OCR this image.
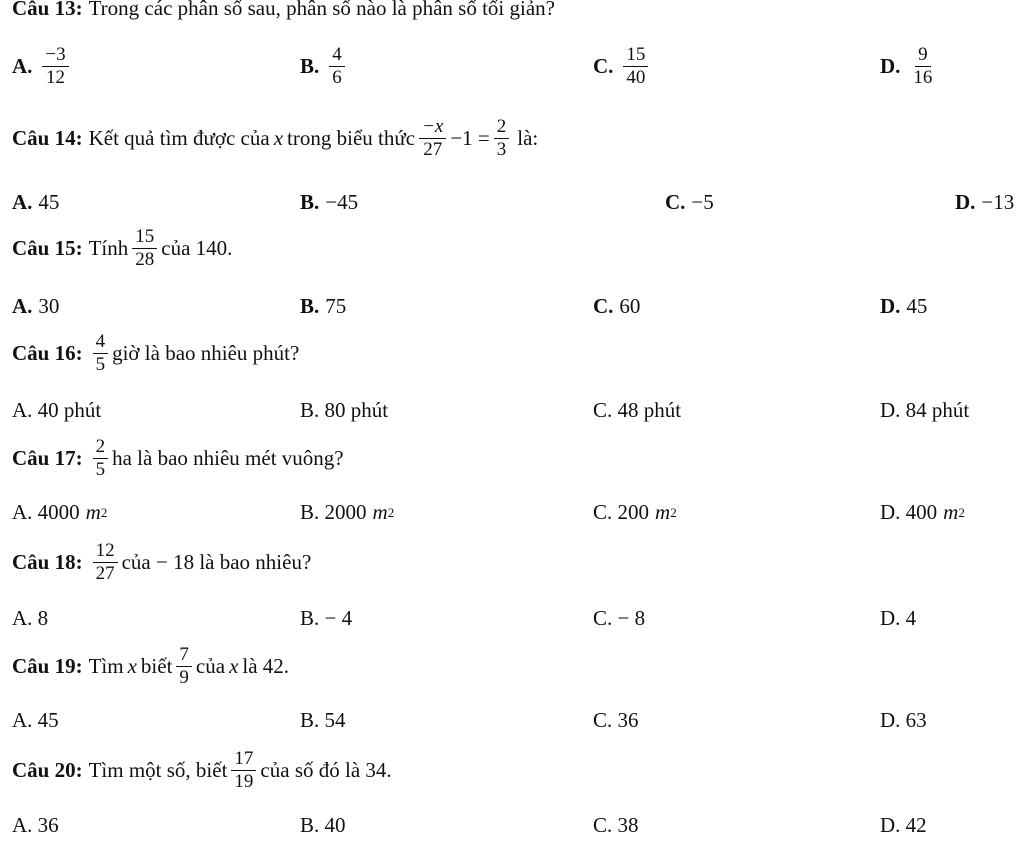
Câu 13: Trong các phân số sau, phân số nào là phân số tối giản?
A. $\frac{-3}{12}$	B. $\frac{4}{6}$	C. $\frac{15}{40}$	D. $\frac{9}{16}$
Câu 14: Kết quả tìm được của x trong biểu thức $\frac{-x}{27} -1 = \frac{2}{3}$ là:
A. 45	B. −45	C. −5	D. −13
Câu 15: Tính $\frac{15}{28}$ của 140.
A. 30	B. 75	C. 60	D. 45
Câu 16: $\frac{4}{5}$ giờ là bao nhiêu phút?
A. 40 phút	B. 80 phút	C. 48 phút	D. 84 phút
Câu 17: $\frac{2}{5}$ ha là bao nhiêu mét vuông?
A. 4000 m 2	B. 2000 m 2	C. 200 m 2	D. 400 m 2
Câu 18: $\frac{12}{27}$ của − 18 là bao nhiêu?
A. 8	B. − 4	C. − 8	D. 4
Câu 19: Tìm x biết $\frac{7}{9}$ của x là 42.
A. 45	B. 54	C. 36	D. 63
Câu 20: Tìm một số, biết $\frac{17}{19}$ của số đó là 34.
A. 36	B. 40	C. 38	D. 42
